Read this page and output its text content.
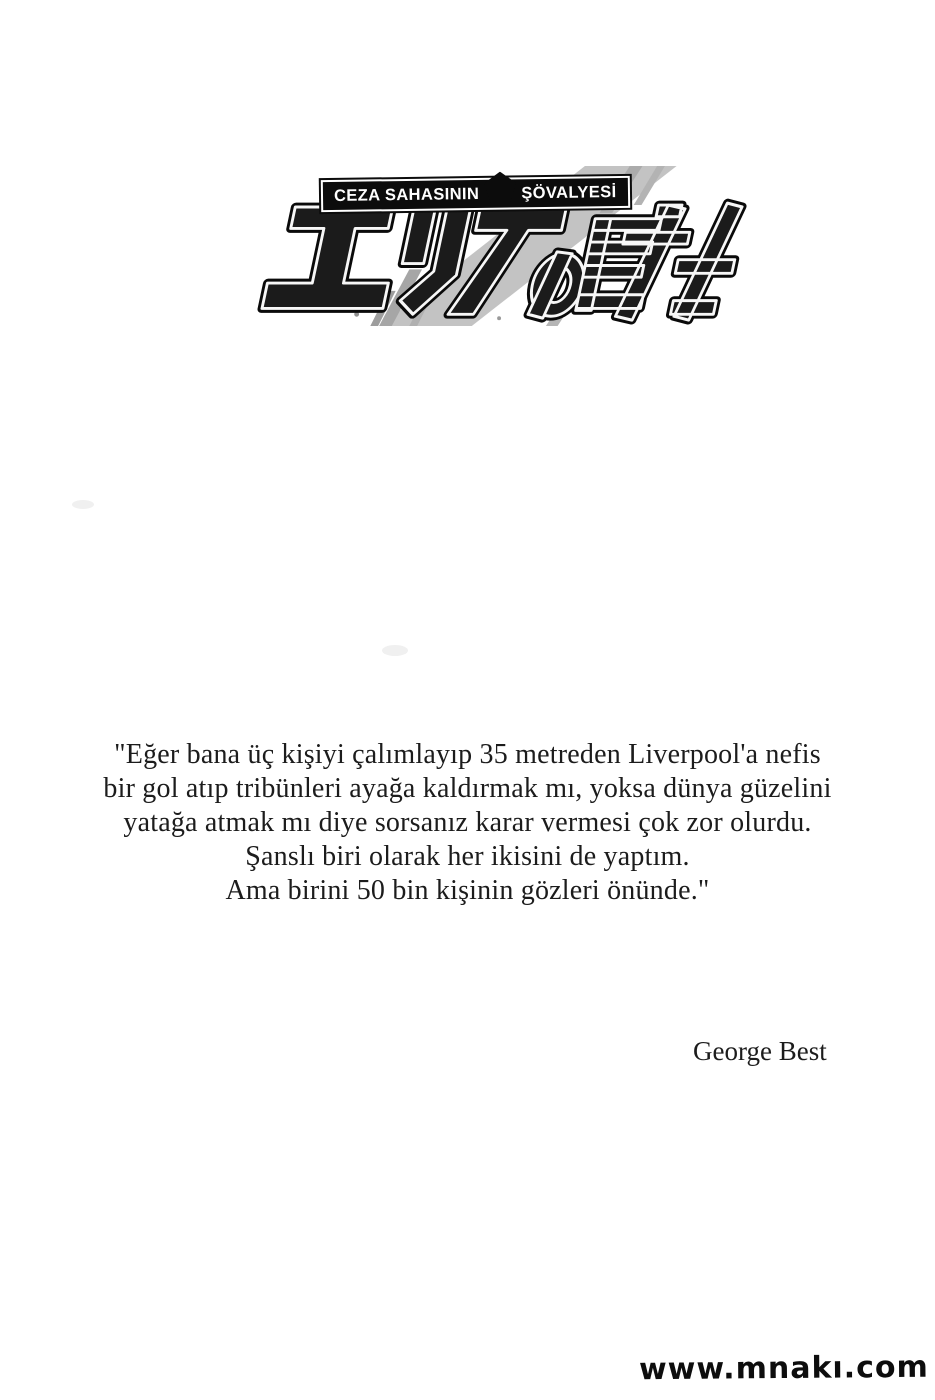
CEZA SAHASININ	ŞÖVALYESİ
"Eğer bana üç kişiyi çalımlayıp 35 metreden Liverpool'a nefis
bir gol atıp tribünleri ayağa kaldırmak mı, yoksa dünya güzelini
yatağa atmak mı diye sorsanız karar vermesi çok zor olurdu.
Şanslı biri olarak her ikisini de yaptım.
Ama birini 50 bin kişinin gözleri önünde."
George Best
www.mnakı.com
